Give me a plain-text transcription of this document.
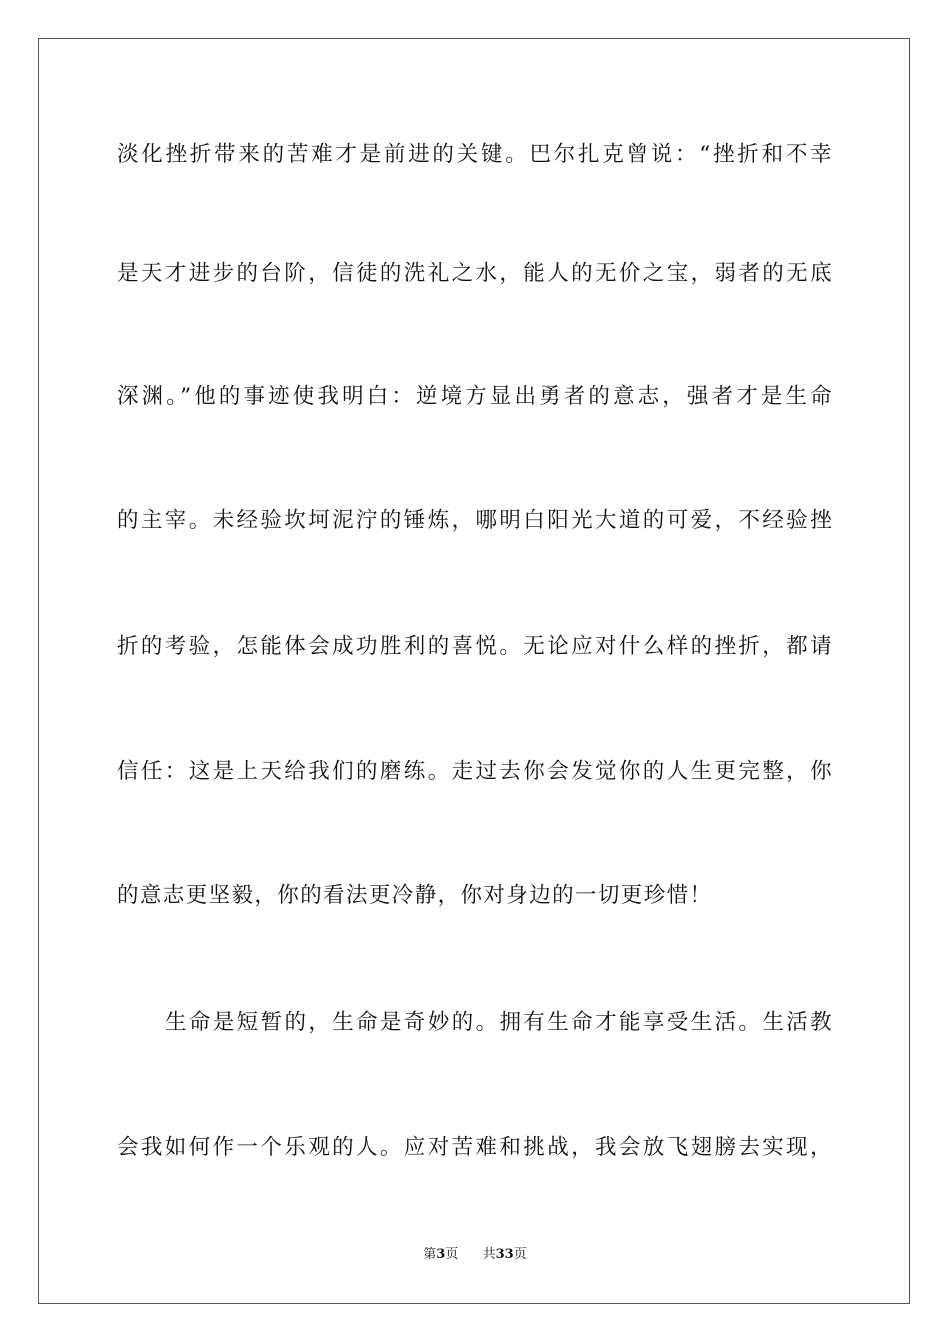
淡化挫折带来的苦难才是前进的关键。巴尔扎克曾说：“挫折和不幸
是天才进步的台阶，信徒的洗礼之水，能人的无价之宝，弱者的无底
深渊。”他的事迹使我明白：逆境方显出勇者的意志，强者才是生命
的主宰。未经验坎坷泥泞的锤炼，哪明白阳光大道的可爱，不经验挫
折的考验，怎能体会成功胜利的喜悦。无论应对什么样的挫折，都请
信任：这是上天给我们的磨练。走过去你会发觉你的人生更完整，你
的意志更坚毅，你的看法更冷静，你对身边的一切更珍惜！
生命是短暂的，生命是奇妙的。拥有生命才能享受生活。生活教
会我如何作一个乐观的人。应对苦难和挑战，我会放飞翅膀去实现，
第3页 共33页
